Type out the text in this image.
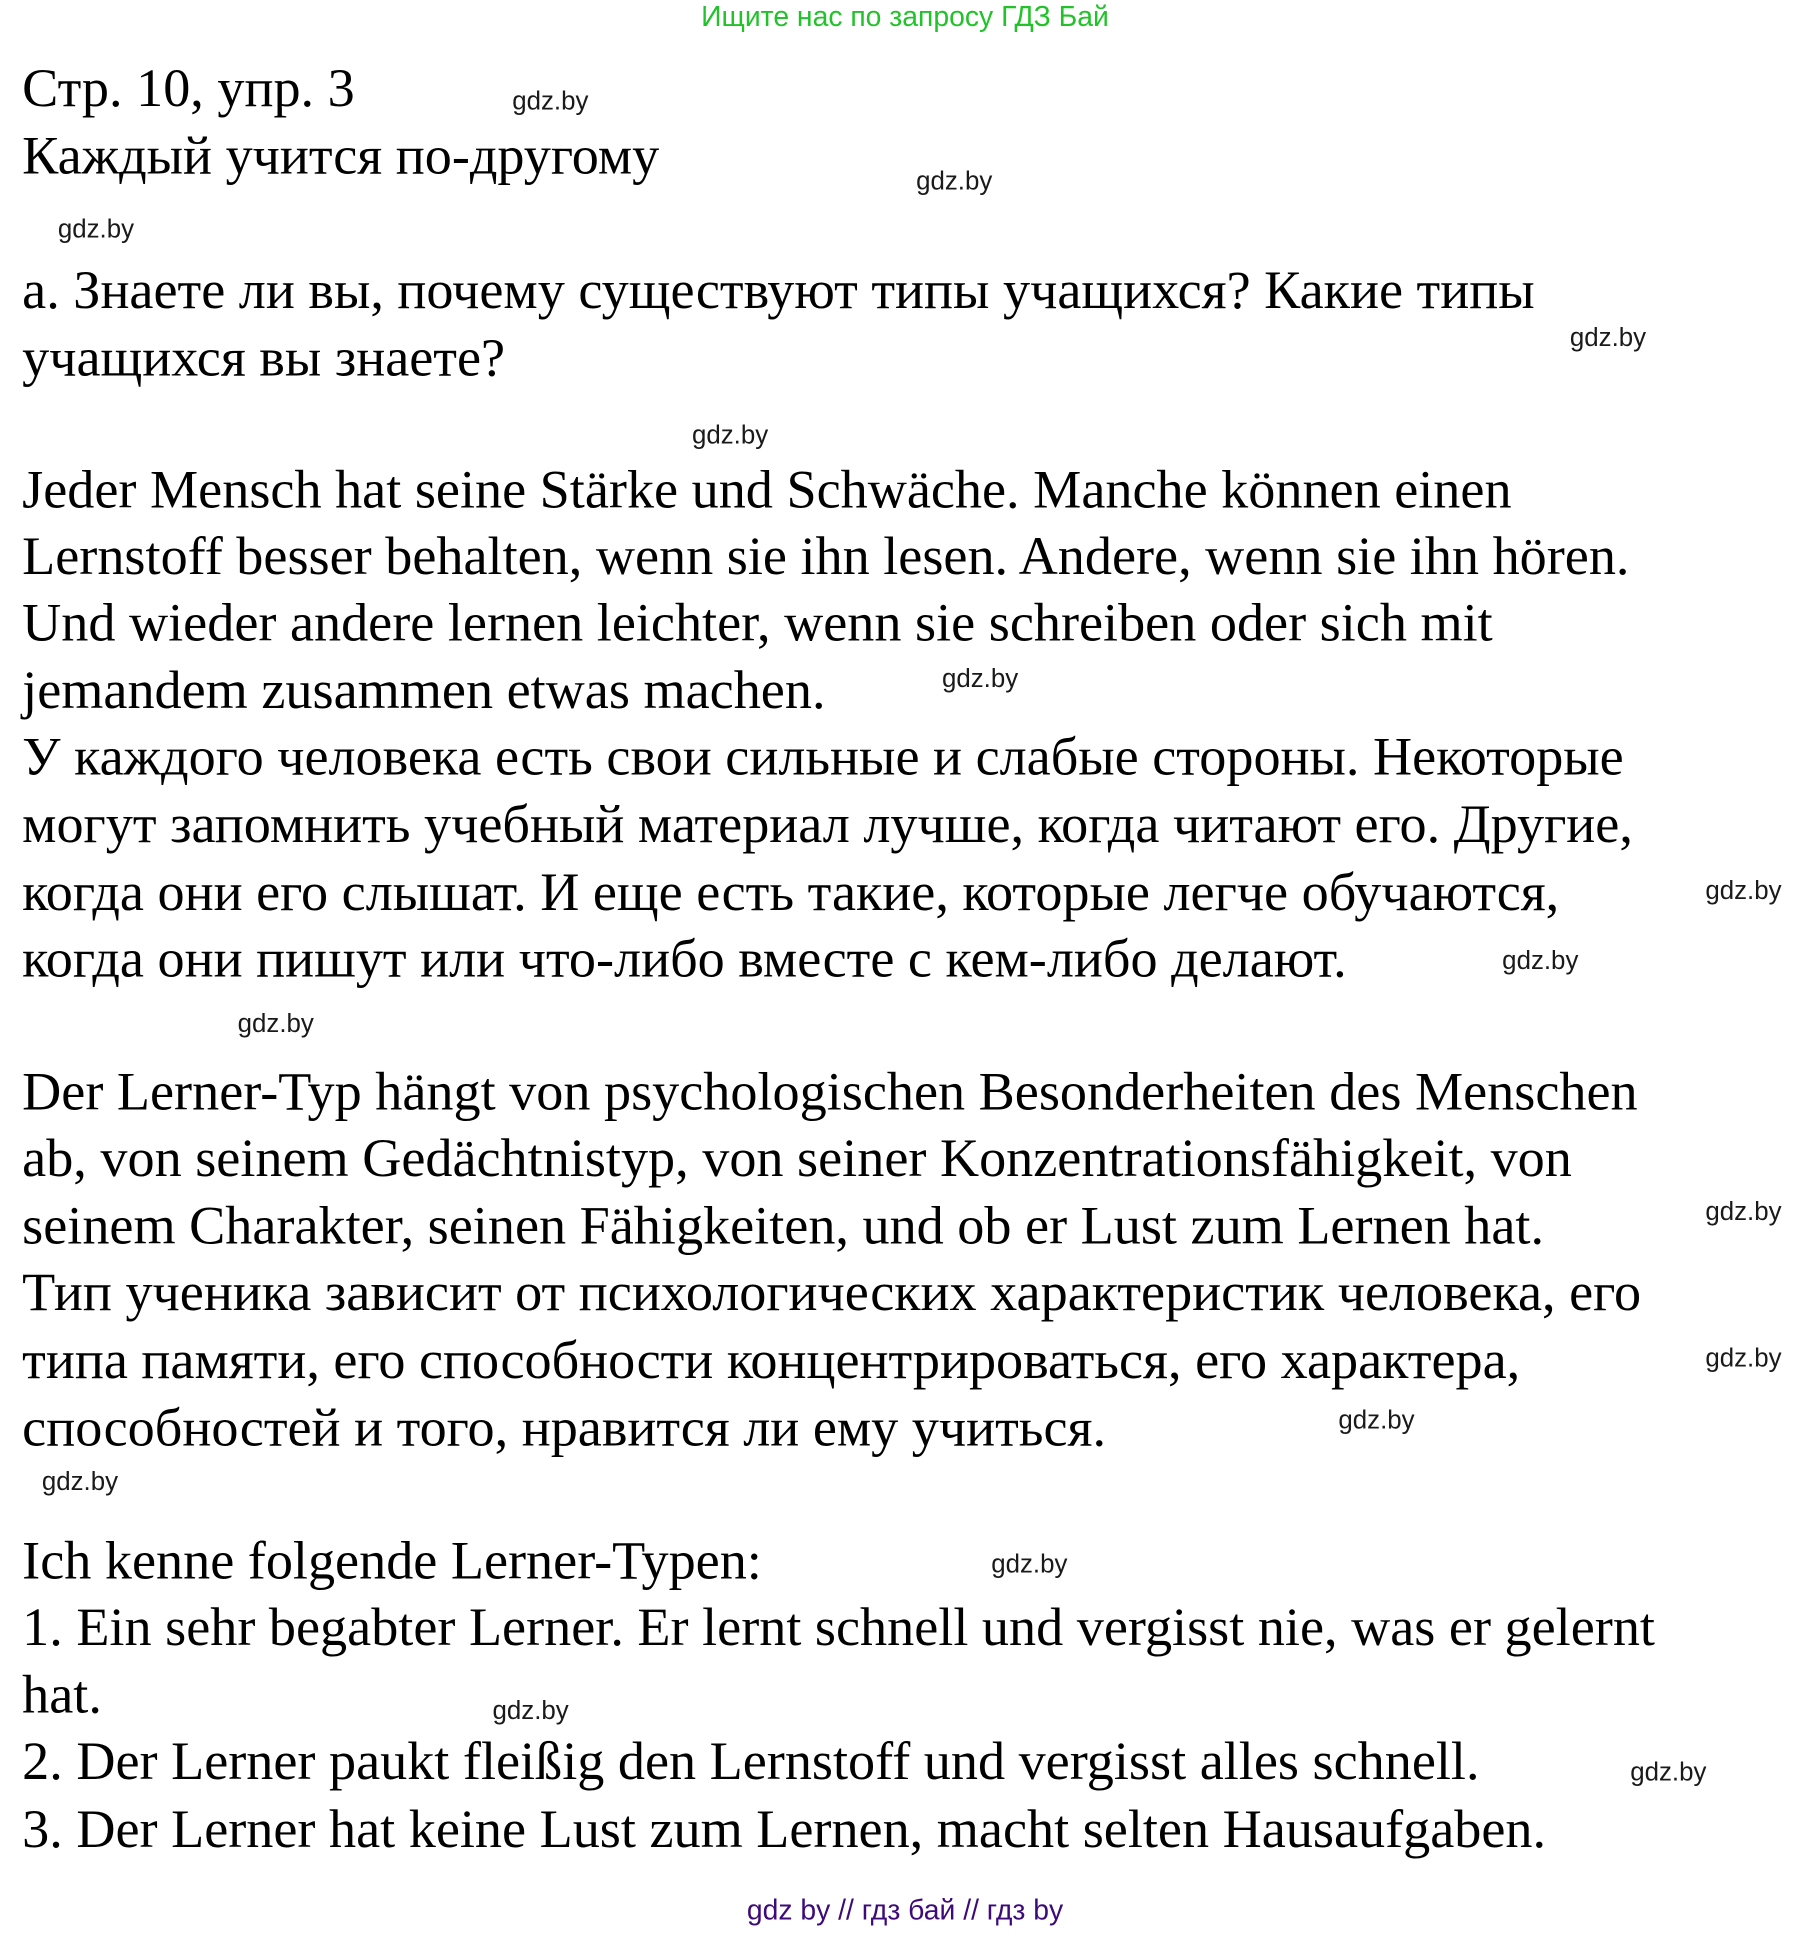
Ищите нас по запросу ГДЗ Бай
Стр. 10, упр. 3
Каждый учится по-другому
а. Знаете ли вы, почему существуют типы учащихся? Какие типы
учащихся вы знаете?
Jeder Mensch hat seine Stärke und Schwäche. Manche können einen
Lernstoff besser behalten, wenn sie ihn lesen. Andere, wenn sie ihn hören.
Und wieder andere lernen leichter, wenn sie schreiben oder sich mit
jemandem zusammen etwas machen.
У каждого человека есть свои сильные и слабые стороны. Некоторые
могут запомнить учебный материал лучше, когда читают его. Другие,
когда они его слышат. И еще есть такие, которые легче обучаются,
когда они пишут или что-либо вместе с кем-либо делают.
Der Lerner-Typ hängt von psychologischen Besonderheiten des Menschen
ab, von seinem Gedächtnistyp, von seiner Konzentrationsfähigkeit, von
seinem Charakter, seinen Fähigkeiten, und ob er Lust zum Lernen hat.
Тип ученика зависит от психологических характеристик человека, его
типа памяти, его способности концентрироваться, его характера,
способностей и того, нравится ли ему учиться.
Ich kenne folgende Lerner-Typen:
1. Ein sehr begabter Lerner. Er lernt schnell und vergisst nie, was er gelernt
hat.
2. Der Lerner paukt fleißig den Lernstoff und vergisst alles schnell.
3. Der Lerner hat keine Lust zum Lernen, macht selten Hausaufgaben.
gdz.by
gdz.by
gdz.by
gdz.by
gdz.by
gdz.by
gdz.by
gdz.by
gdz.by
gdz.by
gdz.by
gdz.by
gdz.by
gdz.by
gdz.by
gdz.by
gdz by // гдз бай // гдз by
